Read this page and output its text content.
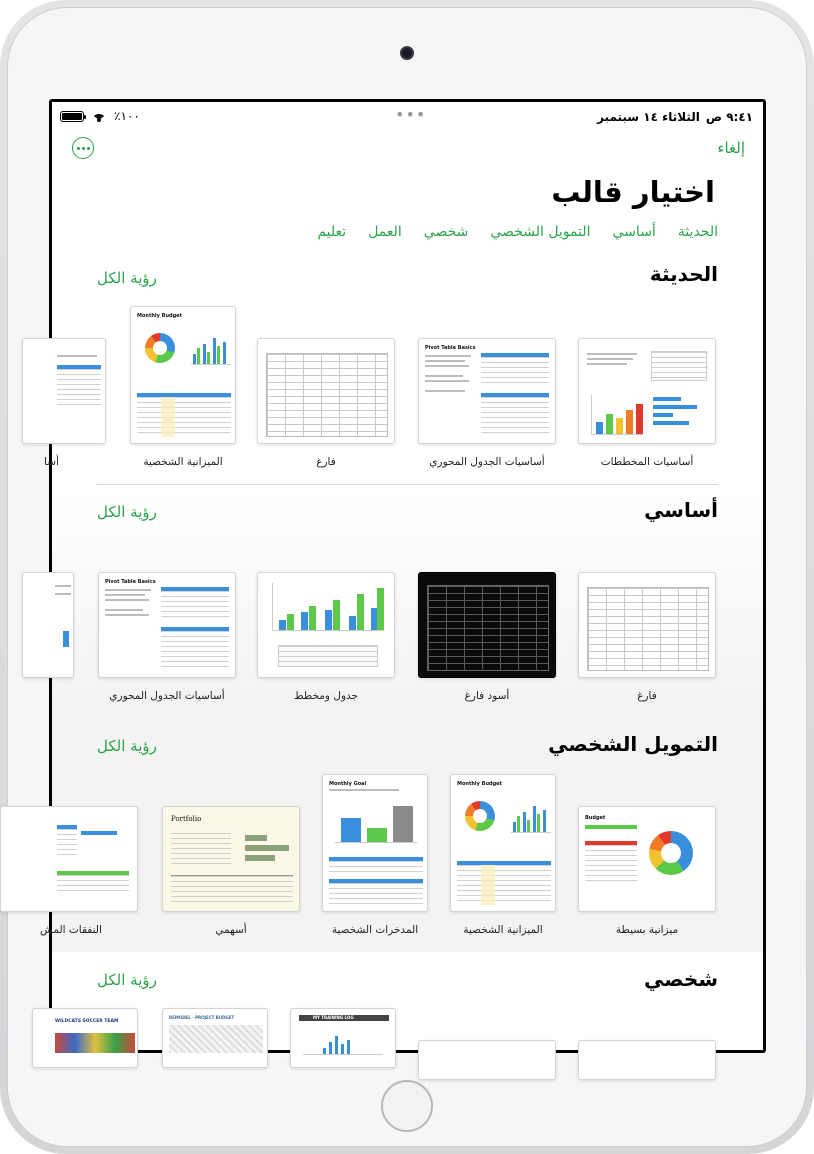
٩:٤١ ص
الثلاثاء ١٤ سبتمبر
•••
٪١٠٠
إلغاء
اختيار قالب
الحديثة
أساسي
التمويل الشخصي
شخصي
العمل
تعليم
الحديثة
رؤية الكل
أساسيات المخططات
Pivot Table Basics
أساسيات الجدول المحوري
فارغ
Monthly Budget
الميزانية الشخصية
أسا
أساسي
رؤية الكل
فارغ
أسود فارغ
جدول ومخطط
Pivot Table Basics
أساسيات الجدول المحوري
التمويل الشخصي
رؤية الكل
Budget
ميزانية بسيطة
Monthly Budget
الميزانية الشخصية
Monthly Goal
المدخرات الشخصية
Portfolio
أسهمي
النفقات المش
شخصي
رؤية الكل
MY TRAINING LOG
REMODEL · PROJECT BUDGET
WILDCATS SOCCER TEAM
